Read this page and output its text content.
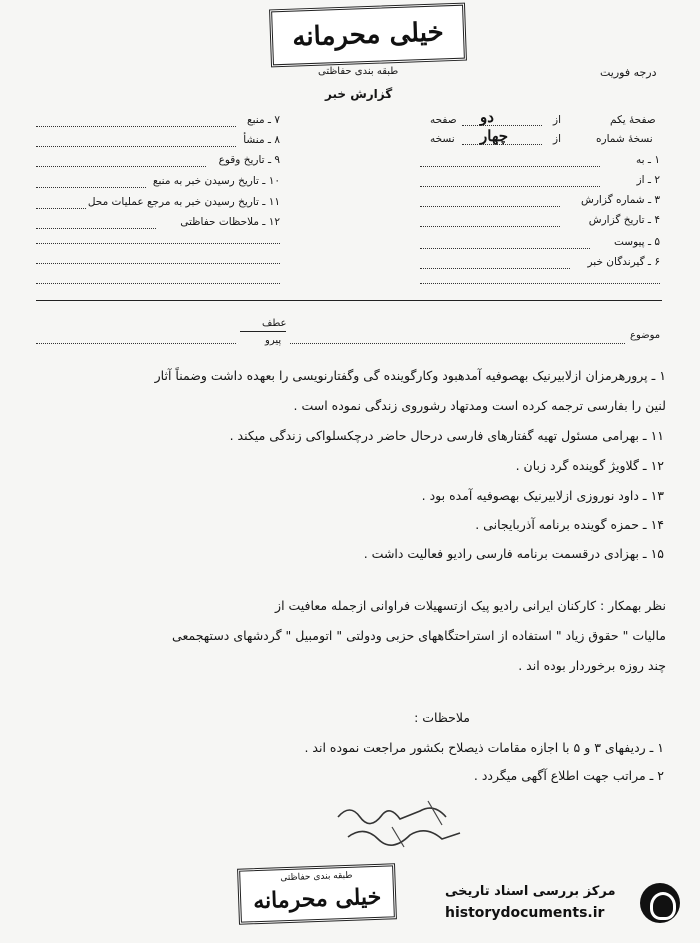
خیلی محرمانه
طبقه بندی حفاظتی	درجه فوریت
گزارش خبر
۷ ـ منبع
۸ ـ منشأ
۹ ـ تاریخ وقوع
۱۰ ـ تاریخ رسیدن خبر به منبع
۱۱ ـ تاریخ رسیدن خبر به مرجع عملیات محل
۱۲ ـ ملاحظات حفاظتی
صفحهٔ یکم
از
دو
صفحه
نسخهٔ شماره
از
چهار
نسخه
۱ ـ به
۲ ـ از
۳ ـ شماره گزارش
۴ ـ تاریخ گزارش
۵ ـ پیوست
۶ ـ گیرندگان خبر
عطف
پیرو	موضوع
۱ ـ پرورهرمزان ازلابیرنیک بهصوفیه آمدهبود وکارگوینده گی وگفتارنویسی را بعهده داشت وضمناً آثار
لنین را بفارسی ترجمه کرده است ومدتهاد رشوروی زندگی نموده است .
۱۱ ـ بهرامی مسئول تهیه گفتارهای فارسی درحال حاضر درچکسلواکی زندگی میکند .
۱۲ ـ گلاویژ گوینده گرد زبان .
۱۳ ـ داود نوروزی ازلابیرنیک بهصوفیه آمده بود .
۱۴ ـ حمزه گوینده برنامه آذربایجانی .
۱۵ ـ بهزادی درقسمت برنامه فارسی رادیو فعالیت داشت .
نظر بهمکار : کارکنان ایرانی رادیو پیک ازتسهیلات فراوانی ازجمله معافیت از
مالیات " حقوق زیاد " استفاده از استراحتگاههای حزبی ودولتی " اتومبیل " گردشهای دستهجمعی
چند روزه برخوردار بوده اند .
ملاحظات :
۱ ـ ردیفهای ۳ و ۵ با اجازه مقامات ذیصلاح بکشور مراجعت نموده اند .
۲ ـ مراتب جهت اطلاع آگهی میگردد .
طبقه بندی حفاظتی
خیلی محرمانه	مرکز بررسی اسناد تاریخی
historydocuments.ir
